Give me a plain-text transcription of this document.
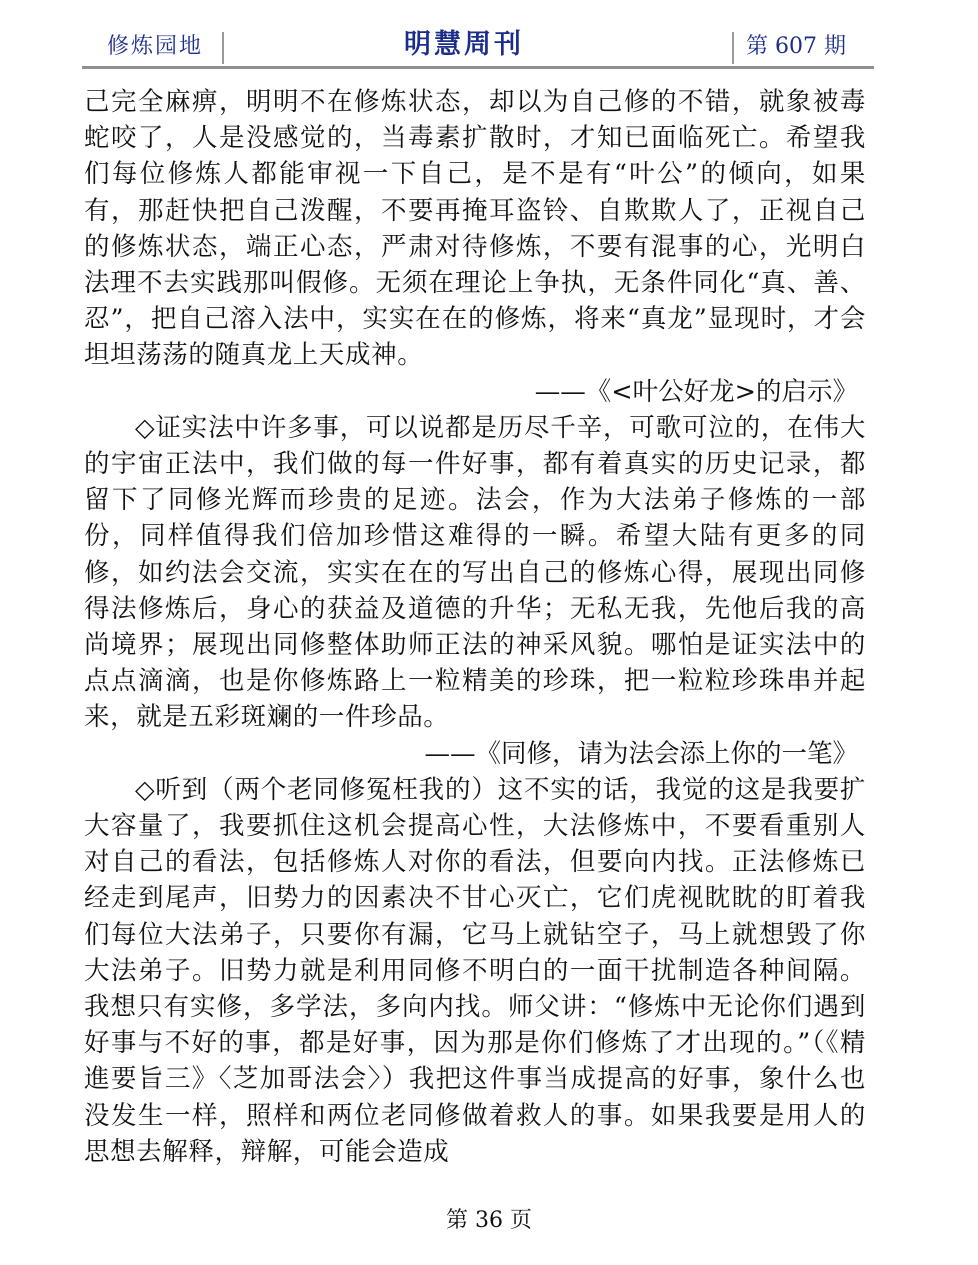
修炼园地	明慧周刊	第 607 期

己完全麻痹，明明不在修炼状态，却以为自己修的不错，就象被毒蛇咬了，人是没感觉的，当毒素扩散时，才知已面临死亡。希望我们每位修炼人都能审视一下自己，是不是有“叶公”的倾向，如果有，那赶快把自己泼醒，不要再掩耳盗铃、自欺欺人了，正视自己的修炼状态，端正心态，严肃对待修炼，不要有混事的心，光明白法理不去实践那叫假修。无须在理论上争执，无条件同化“真、善、忍”，把自己溶入法中，实实在在的修炼，将来“真龙”显现时，才会坦坦荡荡的随真龙上天成神。

——《<叶公好龙>的启示》

◇证实法中许多事，可以说都是历尽千辛，可歌可泣的，在伟大的宇宙正法中，我们做的每一件好事，都有着真实的历史记录，都留下了同修光辉而珍贵的足迹。法会，作为大法弟子修炼的一部份，同样值得我们倍加珍惜这难得的一瞬。希望大陆有更多的同修，如约法会交流，实实在在的写出自己的修炼心得，展现出同修得法修炼后，身心的获益及道德的升华；无私无我，先他后我的高尚境界；展现出同修整体助师正法的神采风貌。哪怕是证实法中的点点滴滴，也是你修炼路上一粒精美的珍珠，把一粒粒珍珠串并起来，就是五彩斑斓的一件珍品。

——《同修，请为法会添上你的一笔》

◇听到（两个老同修冤枉我的）这不实的话，我觉的这是我要扩大容量了，我要抓住这机会提高心性，大法修炼中，不要看重别人对自己的看法，包括修炼人对你的看法，但要向内找。正法修炼已经走到尾声，旧势力的因素决不甘心灭亡，它们虎视眈眈的盯着我们每位大法弟子，只要你有漏，它马上就钻空子，马上就想毁了你大法弟子。旧势力就是利用同修不明白的一面干扰制造各种间隔。我想只有实修，多学法，多向内找。师父讲：“修炼中无论你们遇到好事与不好的事，都是好事，因为那是你们修炼了才出现的。”（《精進要旨三》〈芝加哥法会〉）我把这件事当成提高的好事，象什么也没发生一样，照样和两位老同修做着救人的事。如果我要是用人的思想去解释，辩解，可能会造成

第 36 页
